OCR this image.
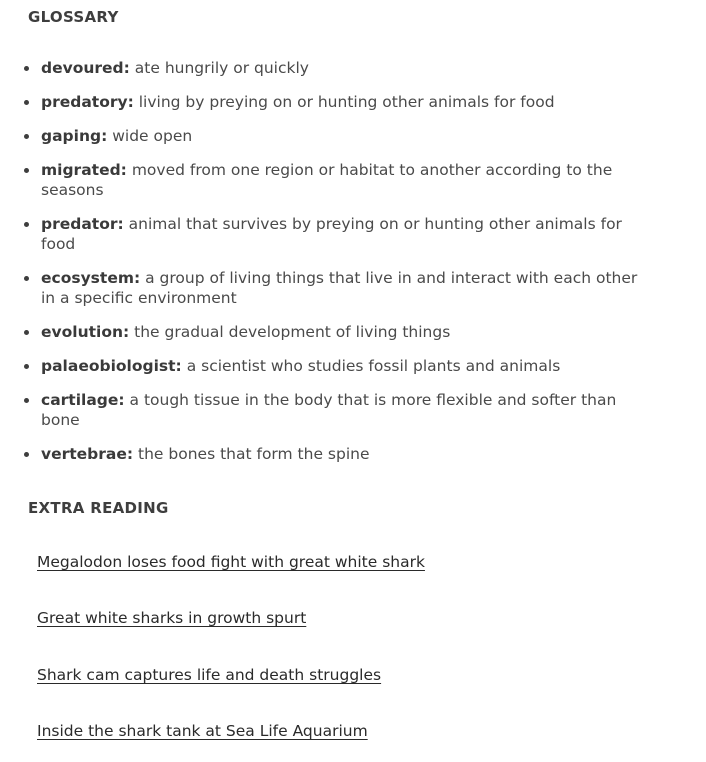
GLOSSARY
devoured: ate hungrily or quickly
predatory: living by preying on or hunting other animals for food
gaping: wide open
migrated: moved from one region or habitat to another according to the seasons
predator: animal that survives by preying on or hunting other animals for food
ecosystem: a group of living things that live in and interact with each other in a specific environment
evolution: the gradual development of living things
palaeobiologist: a scientist who studies fossil plants and animals
cartilage: a tough tissue in the body that is more flexible and softer than bone
vertebrae: the bones that form the spine
EXTRA READING
Megalodon loses food fight with great white shark
Great white sharks in growth spurt
Shark cam captures life and death struggles
Inside the shark tank at Sea Life Aquarium
